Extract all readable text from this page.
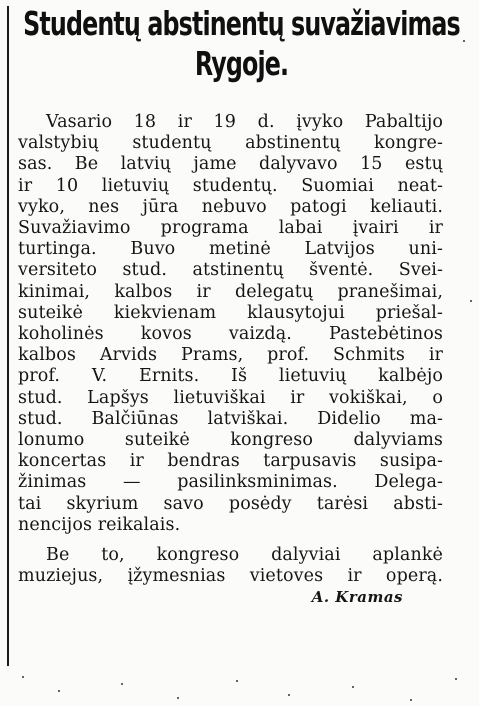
Studentų abstinentų suvažiavimas
Rygoje.
Vasario 18 ir 19 d. įvyko Pabaltijo
valstybių studentų abstinentų kongre-
sas. Be latvių jame dalyvavo 15 estų
ir 10 lietuvių studentų. Suomiai neat-
vyko, nes jūra nebuvo patogi keliauti.
Suvažiavimo programa labai įvairi ir
turtinga. Buvo metinė Latvijos uni-
versiteto stud. atstinentų šventė. Svei-
kinimai, kalbos ir delegatų pranešimai,
suteikė kiekvienam klausytojui priešal-
koholinės kovos vaizdą. Pastebėtinos
kalbos Arvids Prams, prof. Schmits ir
prof. V. Ernits. Iš lietuvių kalbėjo
stud. Lapšys lietuviškai ir vokiškai, o
stud. Balčiūnas latviškai. Didelio ma-
lonumo suteikė kongreso dalyviams
koncertas ir bendras tarpusavis susipa-
žinimas — pasilinksminimas. Delega-
tai skyrium savo posėdy tarėsi absti-
nencijos reikalais.
Be to, kongreso dalyviai aplankė
muziejus, įžymesnias vietoves ir operą.
A. Kramas
